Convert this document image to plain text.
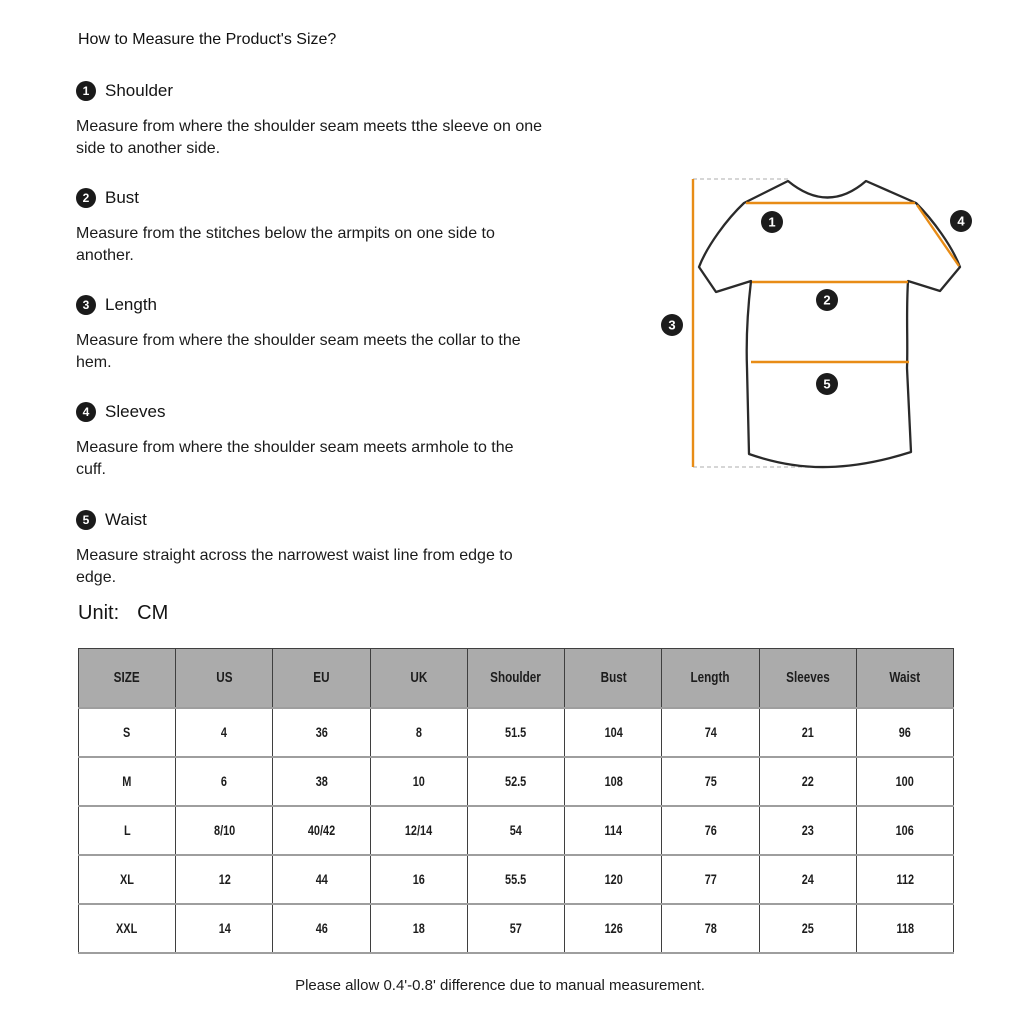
How to Measure the Product's Size?
1 Shoulder
Measure from where the shoulder seam meets tthe sleeve on one
side to another side.
2 Bust
Measure from the stitches below the armpits on one side to
another.
3 Length
Measure from where the shoulder seam meets the collar to the
hem.
4 Sleeves
Measure from where the shoulder seam meets armhole to the
cuff.
5 Waist
Measure straight across the narrowest waist line from edge to
edge.
Unit: CM
1
2
3
4
5
SIZE	US	EU	UK	Shoulder	Bust	Length	Sleeves	Waist
S	4	36	8	51.5	104	74	21	96
M	6	38	10	52.5	108	75	22	100
L	8/10	40/42	12/14	54	114	76	23	106
XL	12	44	16	55.5	120	77	24	112
XXL	14	46	18	57	126	78	25	118
Please allow 0.4'-0.8' difference due to manual measurement.
